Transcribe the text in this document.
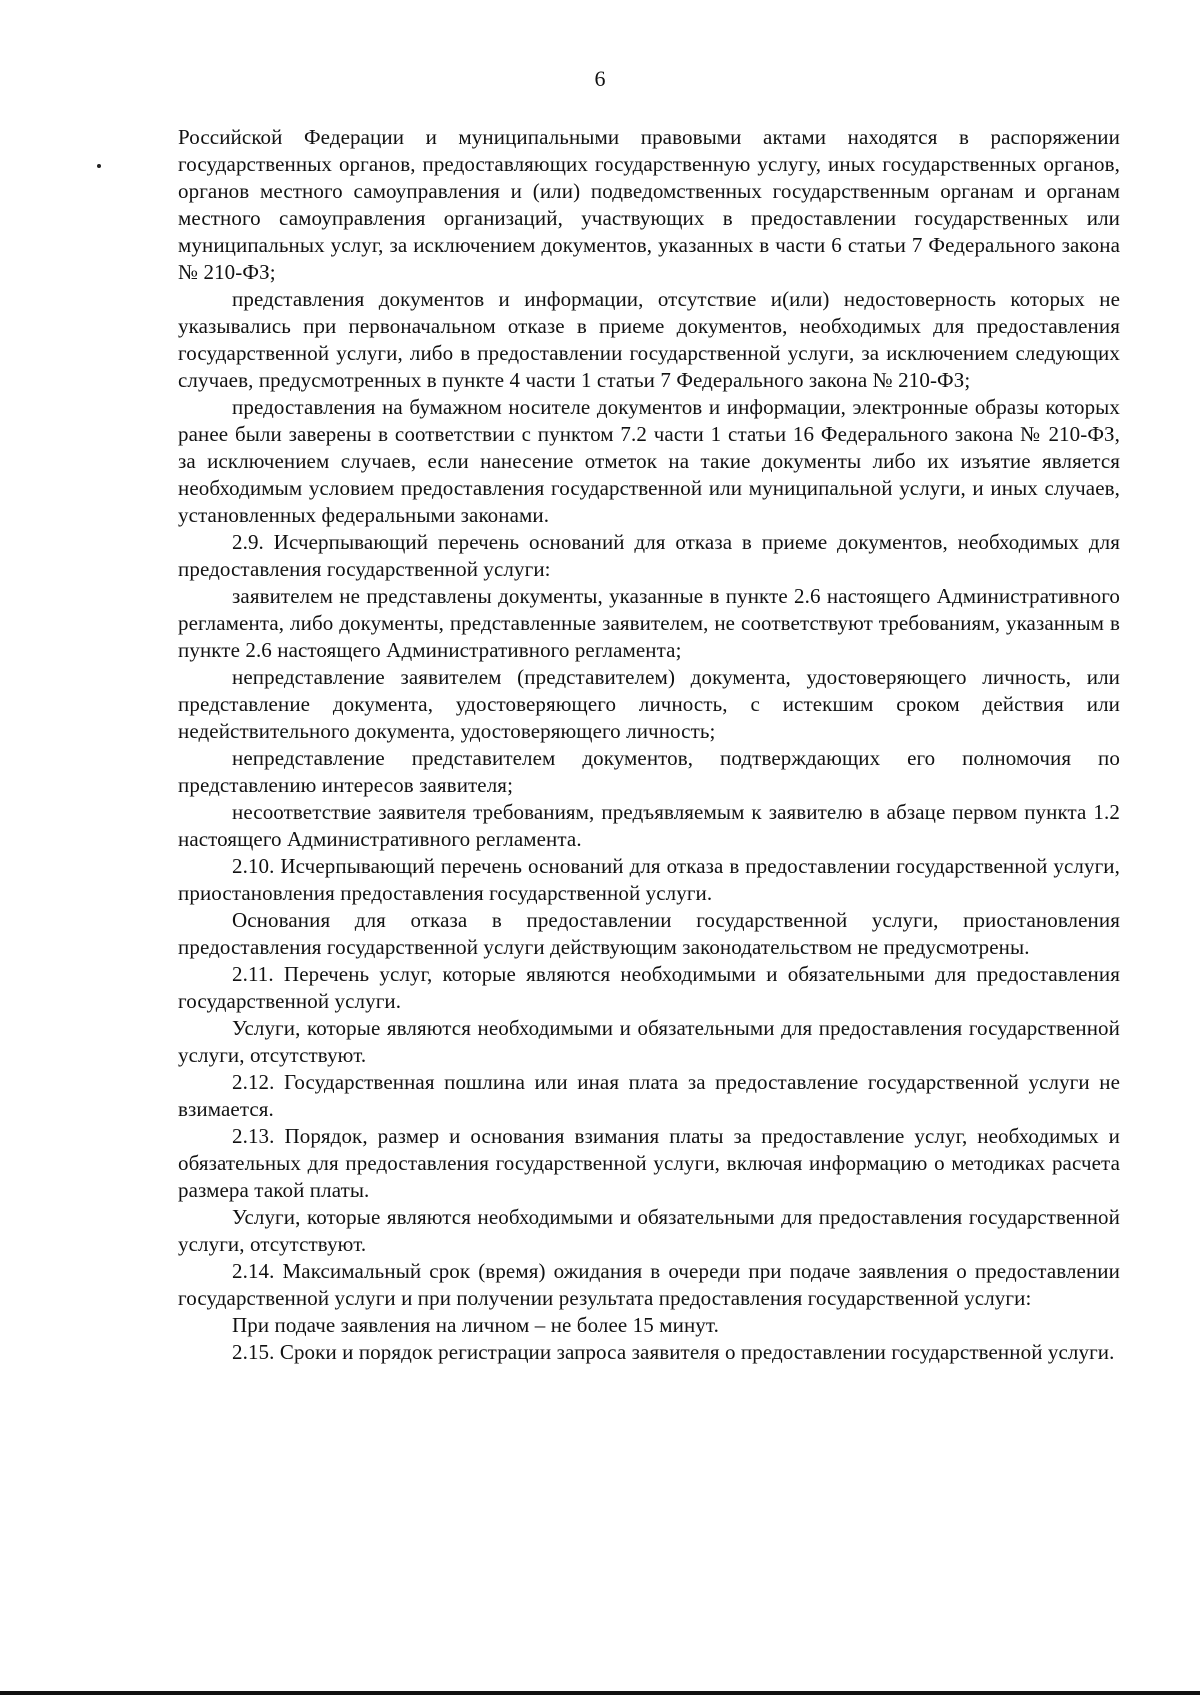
6

Российской Федерации и муниципальными правовыми актами находятся в распоряжении государственных органов, предоставляющих государственную услугу, иных государственных органов, органов местного самоуправления и (или) подведомственных государственным органам и органам местного самоуправления организаций, участвующих в предоставлении государственных или муниципальных услуг, за исключением документов, указанных в части 6 статьи 7 Федерального закона № 210-ФЗ;

представления документов и информации, отсутствие и(или) недостоверность которых не указывались при первоначальном отказе в приеме документов, необходимых для предоставления государственной услуги, либо в предоставлении государственной услуги, за исключением следующих случаев, предусмотренных в пункте 4 части 1 статьи 7 Федерального закона № 210-ФЗ;

предоставления на бумажном носителе документов и информации, электронные образы которых ранее были заверены в соответствии с пунктом 7.2 части 1 статьи 16 Федерального закона № 210-ФЗ, за исключением случаев, если нанесение отметок на такие документы либо их изъятие является необходимым условием предоставления государственной или муниципальной услуги, и иных случаев, установленных федеральными законами.

2.9. Исчерпывающий перечень оснований для отказа в приеме документов, необходимых для предоставления государственной услуги:

заявителем не представлены документы, указанные в пункте 2.6 настоящего Административного регламента, либо документы, представленные заявителем, не соответствуют требованиям, указанным в пункте 2.6 настоящего Административного регламента;

непредставление заявителем (представителем) документа, удостоверяющего личность, или представление документа, удостоверяющего личность, с истекшим сроком действия или недействительного документа, удостоверяющего личность;

непредставление представителем документов, подтверждающих его полномочия по представлению интересов заявителя;

несоответствие заявителя требованиям, предъявляемым к заявителю в абзаце первом пункта 1.2 настоящего Административного регламента.

2.10. Исчерпывающий перечень оснований для отказа в предоставлении государственной услуги, приостановления предоставления государственной услуги.

Основания для отказа в предоставлении государственной услуги, приостановления предоставления государственной услуги действующим законодательством не предусмотрены.

2.11. Перечень услуг, которые являются необходимыми и обязательными для предоставления государственной услуги.

Услуги, которые являются необходимыми и обязательными для предоставления государственной услуги, отсутствуют.

2.12. Государственная пошлина или иная плата за предоставление государственной услуги не взимается.

2.13. Порядок, размер и основания взимания платы за предоставление услуг, необходимых и обязательных для предоставления государственной услуги, включая информацию о методиках расчета размера такой платы.

Услуги, которые являются необходимыми и обязательными для предоставления государственной услуги, отсутствуют.

2.14. Максимальный срок (время) ожидания в очереди при подаче заявления о предоставлении государственной услуги и при получении результата предоставления государственной услуги:

При подаче заявления на личном – не более 15 минут.

2.15. Сроки и порядок регистрации запроса заявителя о предоставлении государственной услуги.
